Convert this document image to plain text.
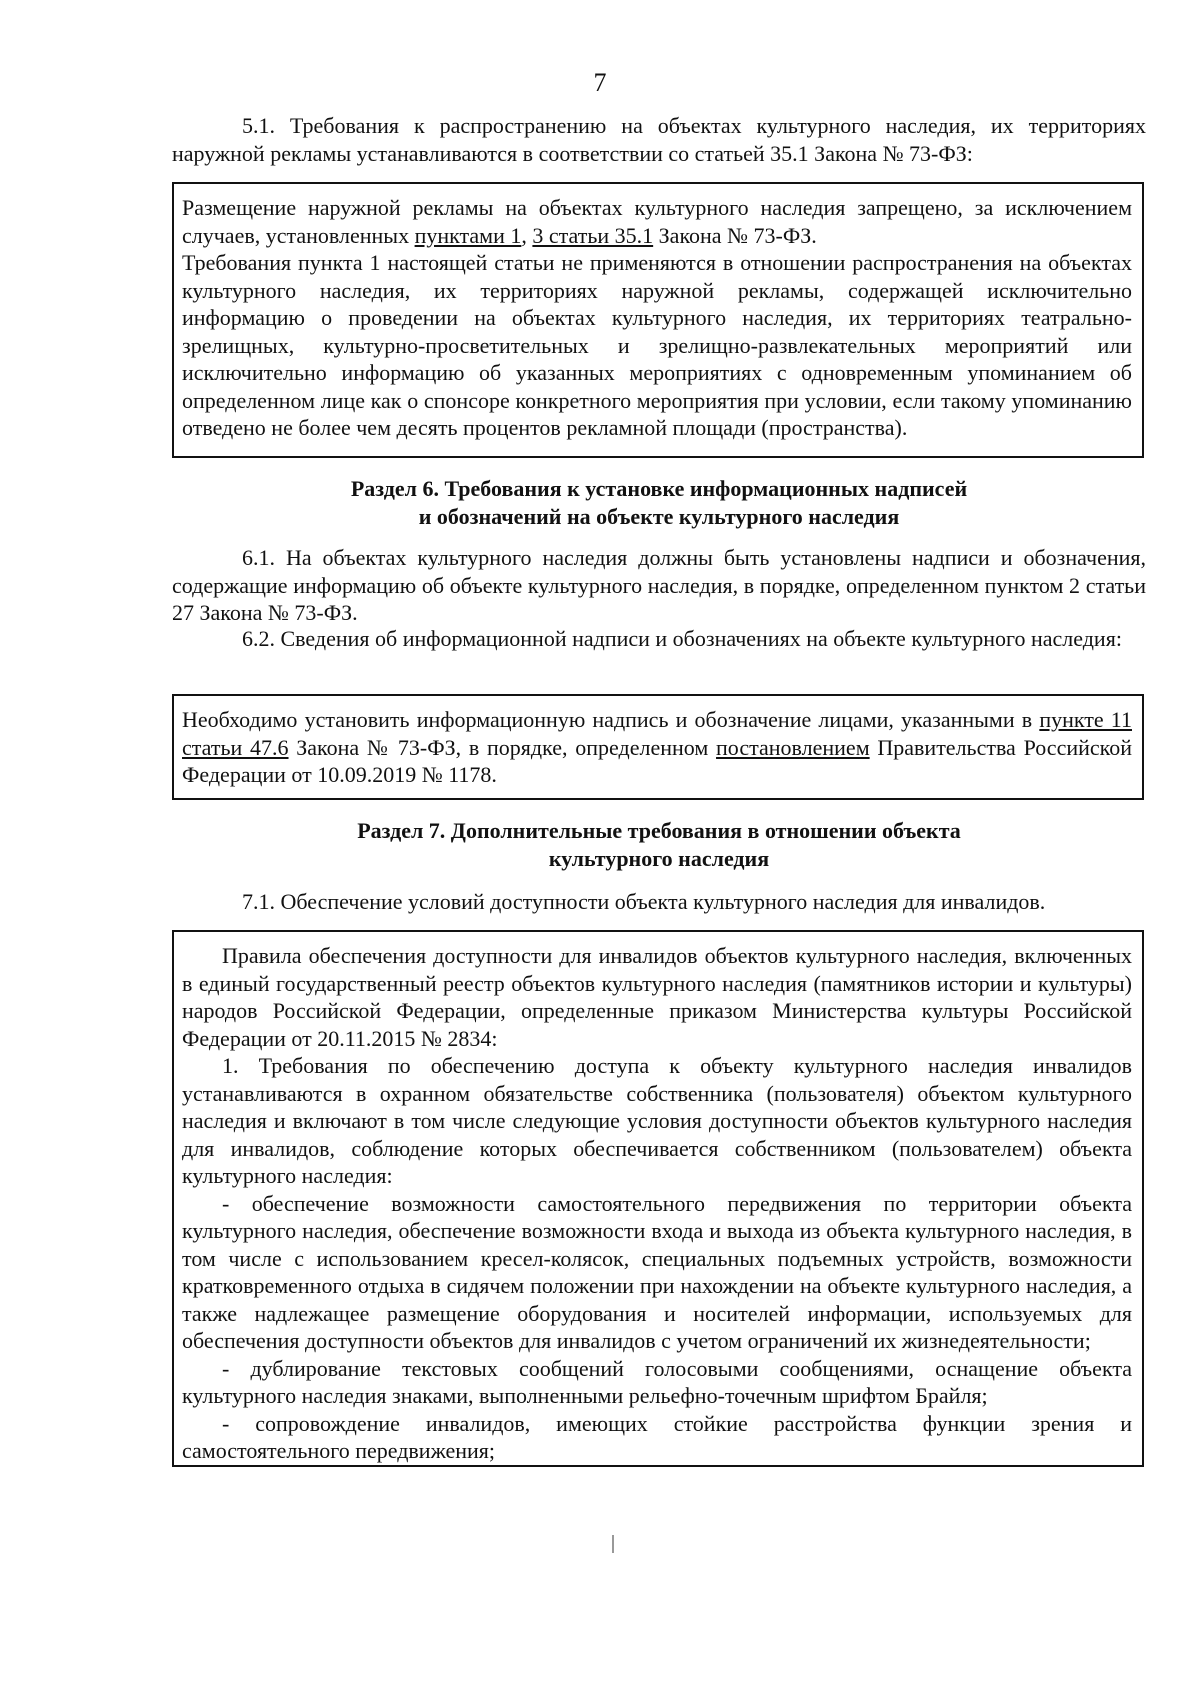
7

5.1. Требования к распространению на объектах культурного наследия, их территориях наружной рекламы устанавливаются в соответствии со статьей 35.1 Закона № 73-ФЗ:

Размещение наружной рекламы на объектах культурного наследия запрещено, за исключением случаев, установленных пунктами 1, 3 статьи 35.1 Закона № 73-ФЗ.

Требования пункта 1 настоящей статьи не применяются в отношении распространения на объектах культурного наследия, их территориях наружной рекламы, содержащей исключительно информацию о проведении на объектах культурного наследия, их территориях театрально-зрелищных, культурно-просветительных и зрелищно-развлекательных мероприятий или исключительно информацию об указанных мероприятиях с одновременным упоминанием об определенном лице как о спонсоре конкретного мероприятия при условии, если такому упоминанию отведено не более чем десять процентов рекламной площади (пространства).

Раздел 6. Требования к установке информационных надписей
и обозначений на объекте культурного наследия

6.1. На объектах культурного наследия должны быть установлены надписи и обозначения, содержащие информацию об объекте культурного наследия, в порядке, определенном пунктом 2 статьи 27 Закона № 73-ФЗ.

6.2. Сведения об информационной надписи и обозначениях на объекте культурного наследия:

Необходимо установить информационную надпись и обозначение лицами, указанными в пункте 11 статьи 47.6 Закона № 73-ФЗ, в порядке, определенном постановлением Правительства Российской Федерации от 10.09.2019 № 1178.

Раздел 7. Дополнительные требования в отношении объекта
культурного наследия

7.1. Обеспечение условий доступности объекта культурного наследия для инвалидов.

Правила обеспечения доступности для инвалидов объектов культурного наследия, включенных в единый государственный реестр объектов культурного наследия (памятников истории и культуры) народов Российской Федерации, определенные приказом Министерства культуры Российской Федерации от 20.11.2015 № 2834:

1. Требования по обеспечению доступа к объекту культурного наследия инвалидов устанавливаются в охранном обязательстве собственника (пользователя) объектом культурного наследия и включают в том числе следующие условия доступности объектов культурного наследия для инвалидов, соблюдение которых обеспечивается собственником (пользователем) объекта культурного наследия:

- обеспечение возможности самостоятельного передвижения по территории объекта культурного наследия, обеспечение возможности входа и выхода из объекта культурного наследия, в том числе с использованием кресел-колясок, специальных подъемных устройств, возможности кратковременного отдыха в сидячем положении при нахождении на объекте культурного наследия, а также надлежащее размещение оборудования и носителей информации, используемых для обеспечения доступности объектов для инвалидов с учетом ограничений их жизнедеятельности;

- дублирование текстовых сообщений голосовыми сообщениями, оснащение объекта культурного наследия знаками, выполненными рельефно-точечным шрифтом Брайля;

- сопровождение инвалидов, имеющих стойкие расстройства функции зрения и самостоятельного передвижения;
